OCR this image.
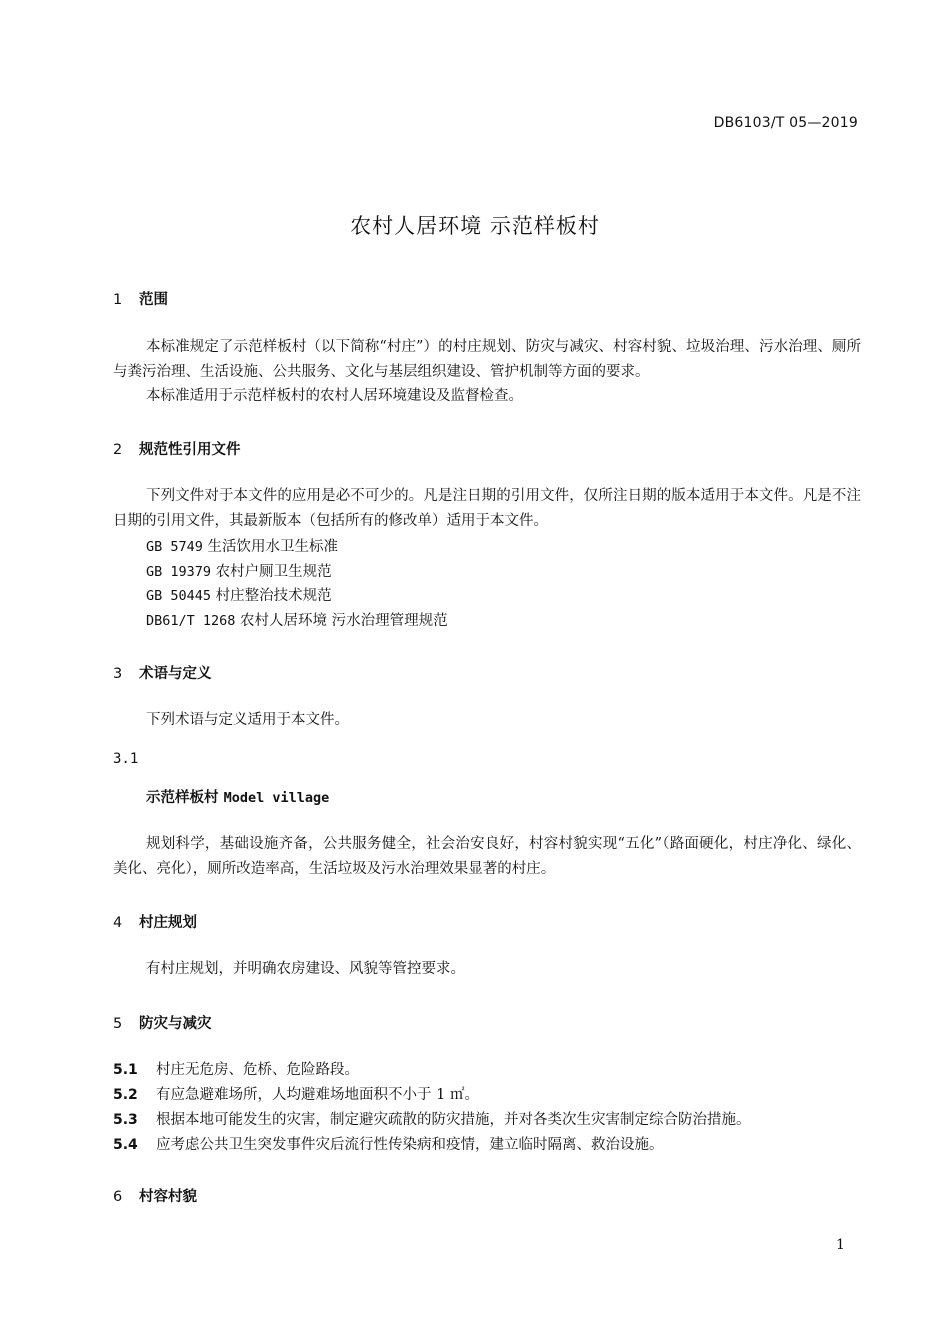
DB6103/T 05—2019
农村人居环境 示范样板村
1 范围
本标准规定了示范样板村（以下简称“村庄”）的村庄规划、防灾与减灾、村容村貌、垃圾治理、污水治理、厕所与粪污治理、生活设施、公共服务、文化与基层组织建设、管护机制等方面的要求。
本标准适用于示范样板村的农村人居环境建设及监督检查。
2 规范性引用文件
下列文件对于本文件的应用是必不可少的。凡是注日期的引用文件，仅所注日期的版本适用于本文件。凡是不注日期的引用文件，其最新版本（包括所有的修改单）适用于本文件。
GB 5749 生活饮用水卫生标准
GB 19379 农村户厕卫生规范
GB 50445 村庄整治技术规范
DB61/T 1268 农村人居环境 污水治理管理规范
3 术语与定义
下列术语与定义适用于本文件。
3.1
示范样板村 Model village
规划科学，基础设施齐备，公共服务健全，社会治安良好，村容村貌实现“五化”（路面硬化，村庄净化、绿化、美化、亮化），厕所改造率高，生活垃圾及污水治理效果显著的村庄。
4 村庄规划
有村庄规划，并明确农房建设、风貌等管控要求。
5 防灾与减灾
5.1 村庄无危房、危桥、危险路段。
5.2 有应急避难场所，人均避难场地面积不小于 1 ㎡。
5.3 根据本地可能发生的灾害，制定避灾疏散的防灾措施，并对各类次生灾害制定综合防治措施。
5.4 应考虑公共卫生突发事件灾后流行性传染病和疫情，建立临时隔离、救治设施。
6 村容村貌
1
